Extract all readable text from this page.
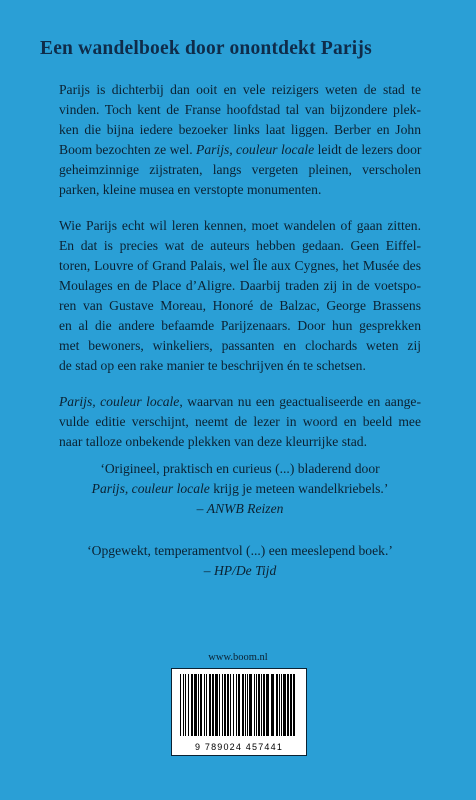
Een wandelboek door onontdekt Parijs
Parijs is dichterbij dan ooit en vele reizigers weten de stad te
vinden. Toch kent de Franse hoofdstad tal van bijzondere plek-
ken die bijna iedere bezoeker links laat liggen. Berber en John
Boom bezochten ze wel. Parijs, couleur locale leidt de lezers door
geheimzinnige zijstraten, langs vergeten pleinen, verscholen
parken, kleine musea en verstopte monumenten.
Wie Parijs echt wil leren kennen, moet wandelen of gaan zitten.
En dat is precies wat de auteurs hebben gedaan. Geen Eiffel-
toren, Louvre of Grand Palais, wel Île aux Cygnes, het Musée des
Moulages en de Place d’Aligre. Daarbij traden zij in de voetspo-
ren van Gustave Moreau, Honoré de Balzac, George Brassens
en al die andere befaamde Parijzenaars. Door hun gesprekken
met bewoners, winkeliers, passanten en clochards weten zij
de stad op een rake manier te beschrijven én te schetsen.
Parijs, couleur locale, waarvan nu een geactualiseerde en aange-
vulde editie verschijnt, neemt de lezer in woord en beeld mee
naar talloze onbekende plekken van deze kleurrijke stad.
‘Origineel, praktisch en curieus (...) bladerend door
Parijs, couleur locale krijg je meteen wandelkriebels.’
– ANWB Reizen
‘Opgewekt, temperamentvol (...) een meeslepend boek.’
– HP/De Tijd
www.boom.nl
9 789024 457441
